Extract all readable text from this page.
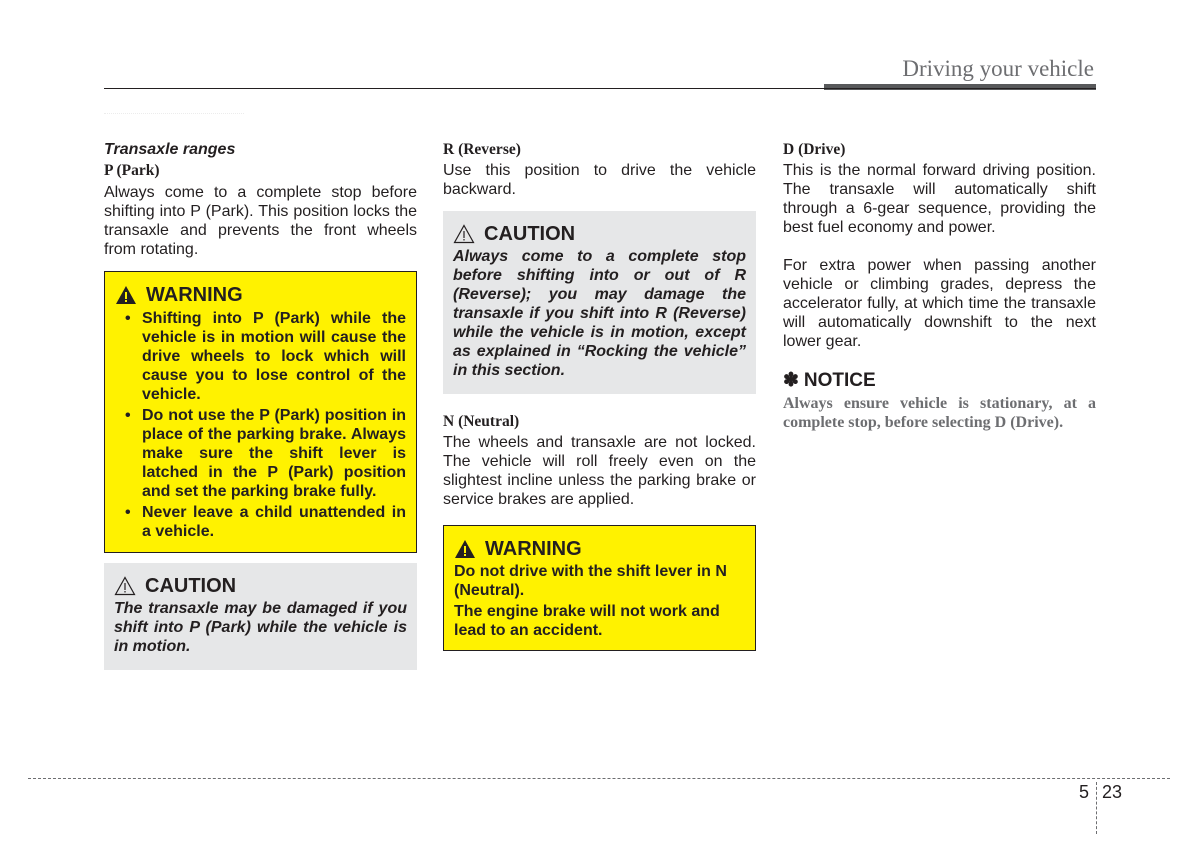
Driving your vehicle

Transaxle ranges

P (Park)

Always come to a complete stop before shifting into P (Park). This position locks the transaxle and prevents the front wheels from rotating.

WARNING
• Shifting into P (Park) while the vehicle is in motion will cause the drive wheels to lock which will cause you to lose control of the vehicle.
• Do not use the P (Park) position in place of the parking brake. Always make sure the shift lever is latched in the P (Park) position and set the parking brake fully.
• Never leave a child unattended in a vehicle.
CAUTION

The transaxle may be damaged if you shift into P (Park) while the vehicle is in motion.

R (Reverse)

Use this position to drive the vehicle backward.

CAUTION

Always come to a complete stop before shifting into or out of R (Reverse); you may damage the transaxle if you shift into R (Reverse) while the vehicle is in motion, except as explained in “Rocking the vehicle” in this section.

N (Neutral)

The wheels and transaxle are not locked. The vehicle will roll freely even on the slightest incline unless the parking brake or service brakes are applied.

WARNING

Do not drive with the shift lever in N (Neutral).

The engine brake will not work and lead to an accident.

D (Drive)

This is the normal forward driving position. The transaxle will automatically shift through a 6-gear sequence, providing the best fuel economy and power.

For extra power when passing another vehicle or climbing grades, depress the accelerator fully, at which time the transaxle will automatically downshift to the next lower gear.

✽ NOTICE

Always ensure vehicle is stationary, at a complete stop, before selecting D (Drive).

5 23
